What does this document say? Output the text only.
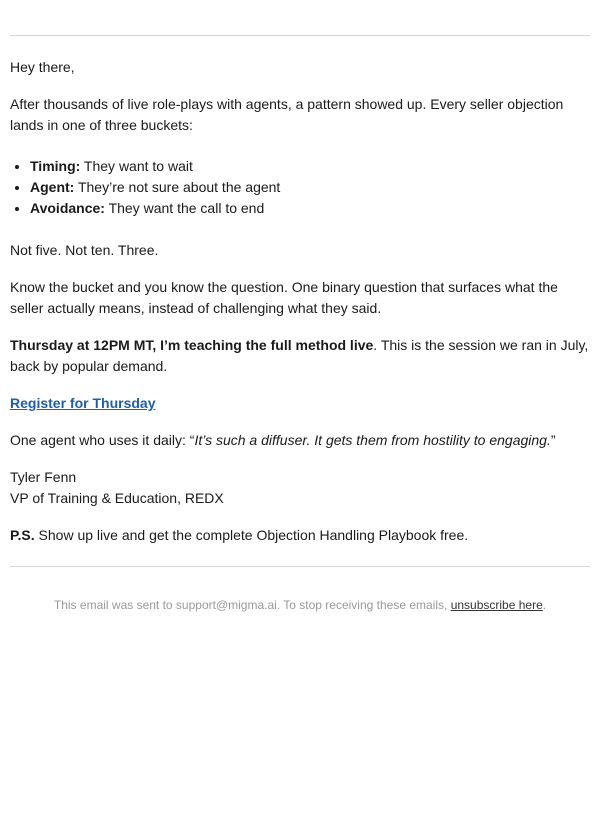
Hey there,

After thousands of live role-plays with agents, a pattern showed up. Every seller objection lands in one of three buckets:

• Timing: They want to wait
• Agent: They’re not sure about the agent
• Avoidance: They want the call to end

Not five. Not ten. Three.

Know the bucket and you know the question. One binary question that surfaces what the seller actually means, instead of challenging what they said.

Thursday at 12PM MT, I’m teaching the full method live. This is the session we ran in July, back by popular demand.

Register for Thursday

One agent who uses it daily: “It’s such a diffuser. It gets them from hostility to engaging.”

Tyler Fenn
VP of Training & Education, REDX

P.S. Show up live and get the complete Objection Handling Playbook free.

This email was sent to support@migma.ai. To stop receiving these emails, unsubscribe here.
